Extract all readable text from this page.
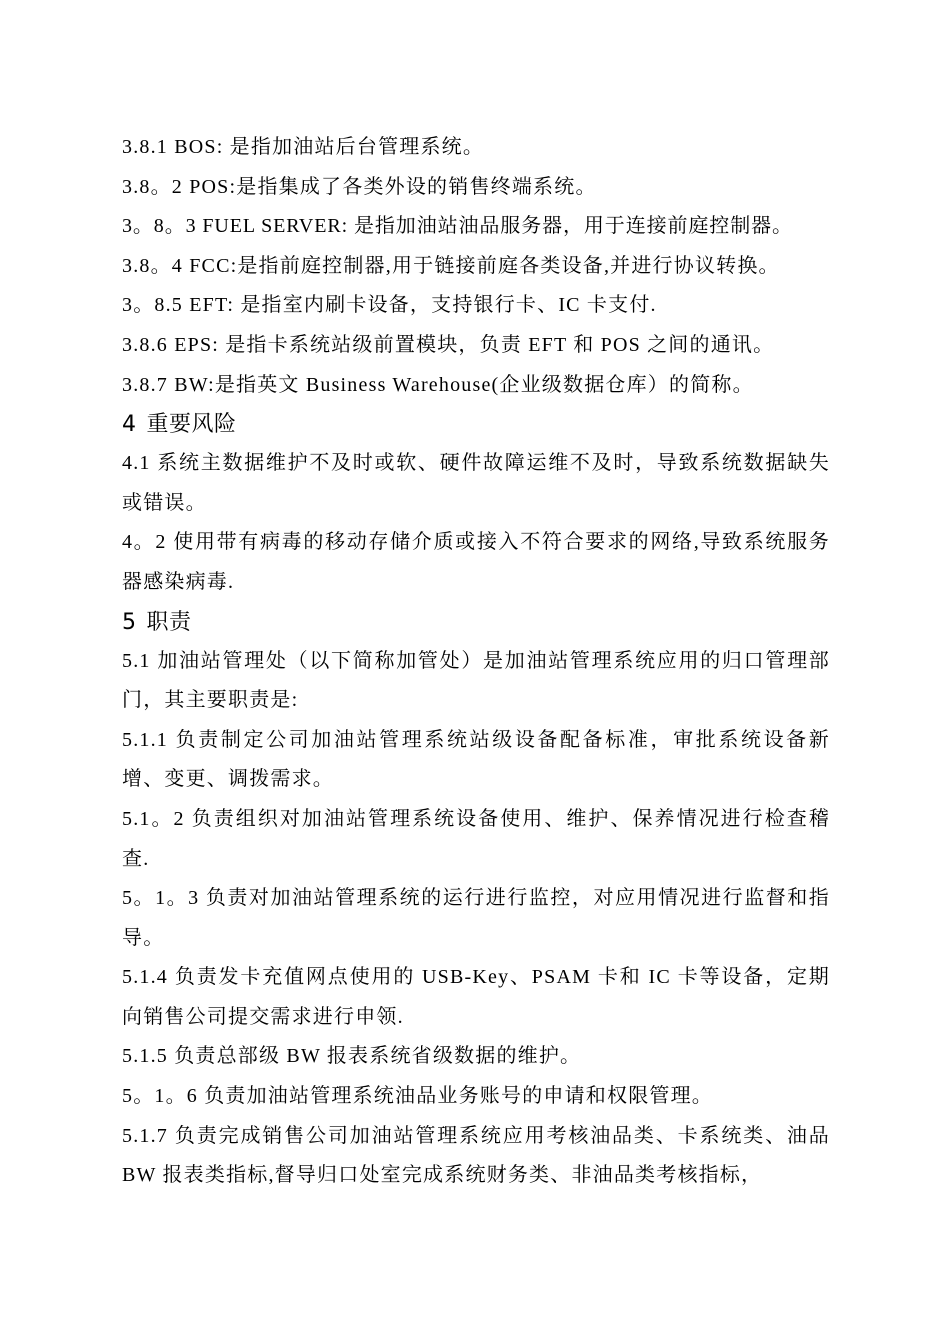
3.8.1 BOS: 是指加油站后台管理系统。

3.8。2 POS:是指集成了各类外设的销售终端系统。

3。8。3 FUEL SERVER: 是指加油站油品服务器，用于连接前庭控制器。

3.8。4 FCC:是指前庭控制器,用于链接前庭各类设备,并进行协议转换。

3。8.5 EFT: 是指室内刷卡设备，支持银行卡、IC 卡支付.

3.8.6 EPS: 是指卡系统站级前置模块，负责 EFT 和 POS 之间的通讯。

3.8.7 BW:是指英文 Business Warehouse(企业级数据仓库）的简称。

4 重要风险

4.1 系统主数据维护不及时或软、硬件故障运维不及时，导致系统数据缺失或错误。

4。2 使用带有病毒的移动存储介质或接入不符合要求的网络,导致系统服务器感染病毒.

5 职责

5.1 加油站管理处（以下简称加管处）是加油站管理系统应用的归口管理部门，其主要职责是:

5.1.1 负责制定公司加油站管理系统站级设备配备标准，审批系统设备新增、变更、调拨需求。

5.1。2 负责组织对加油站管理系统设备使用、维护、保养情况进行检查稽查.

5。1。3 负责对加油站管理系统的运行进行监控，对应用情况进行监督和指导。

5.1.4 负责发卡充值网点使用的 USB-Key、PSAM 卡和 IC 卡等设备，定期向销售公司提交需求进行申领.

5.1.5 负责总部级 BW 报表系统省级数据的维护。

5。1。6 负责加油站管理系统油品业务账号的申请和权限管理。

5.1.7 负责完成销售公司加油站管理系统应用考核油品类、卡系统类、油品 BW 报表类指标,督导归口处室完成系统财务类、非油品类考核指标，
